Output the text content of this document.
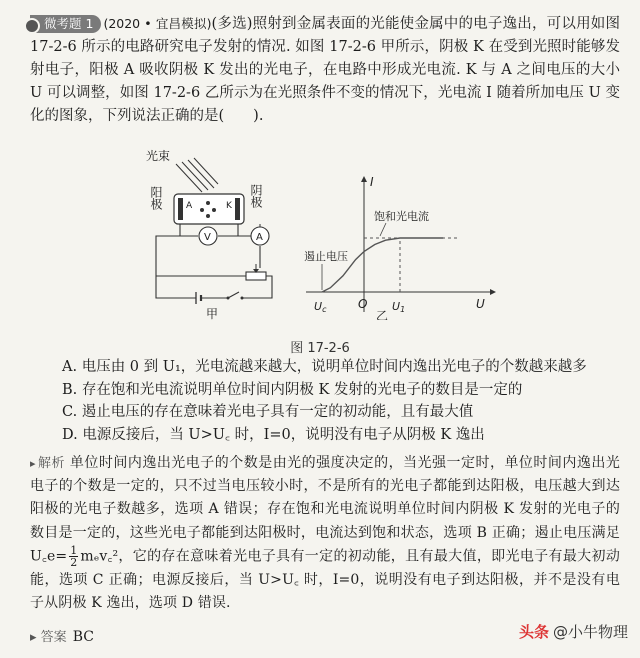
微考题 1 (2020 • 宜昌模拟)(多选)照射到金属表面的光能使金属中的电子逸出，可以用如图 17-2-6 所示的电路研究电子发射的情况. 如图 17-2-6 甲所示，阴极 K 在受到光照时能够发射电子，阳极 A 吸收阴极 K 发出的光电子，在电路中形成光电流. K 与 A 之间电压的大小 U 可以调整，如图 17-2-6 乙所示为在光照条件不变的情况下，光电流 I 随着所加电压 U 变化的图象，下列说法正确的是(　　).
光束
阳极	阴极
A	K
V	A
甲
I
U
O
Uc	U1
饱和光电流
遏止电压
乙
图 17-2-6
A. 电压由 0 到 U₁，光电流越来越大，说明单位时间内逸出光电子的个数越来越多
B. 存在饱和光电流说明单位时间内阴极 K 发射的光电子的数目是一定的
C. 遏止电压的存在意味着光电子具有一定的初动能，且有最大值
D. 电源反接后，当 U>U꜀ 时，I=0，说明没有电子从阴极 K 逸出
▸ 解析 单位时间内逸出光电子的个数是由光的强度决定的，当光强一定时，单位时间内逸出光电子的个数是一定的，只不过当电压较小时，不是所有的光电子都能到达阳极，电压越大到达阳极的光电子数越多，选项 A 错误；存在饱和光电流说明单位时间内阴极 K 发射的光电子的数目是一定的，这些光电子都能到达阳极时，电流达到饱和状态，选项 B 正确；遏止电压满足 U꜀e= $\frac{1}{2}$ mₑv꜀²，它的存在意味着光电子具有一定的初动能，且有最大值，即光电子有最大初动能，选项 C 正确；电源反接后，当 U>U꜀ 时，I=0，说明没有电子到达阳极，并不是没有电子从阴极 K 逸出，选项 D 错误.
▸ 答案 BC	头条 @小牛物理
